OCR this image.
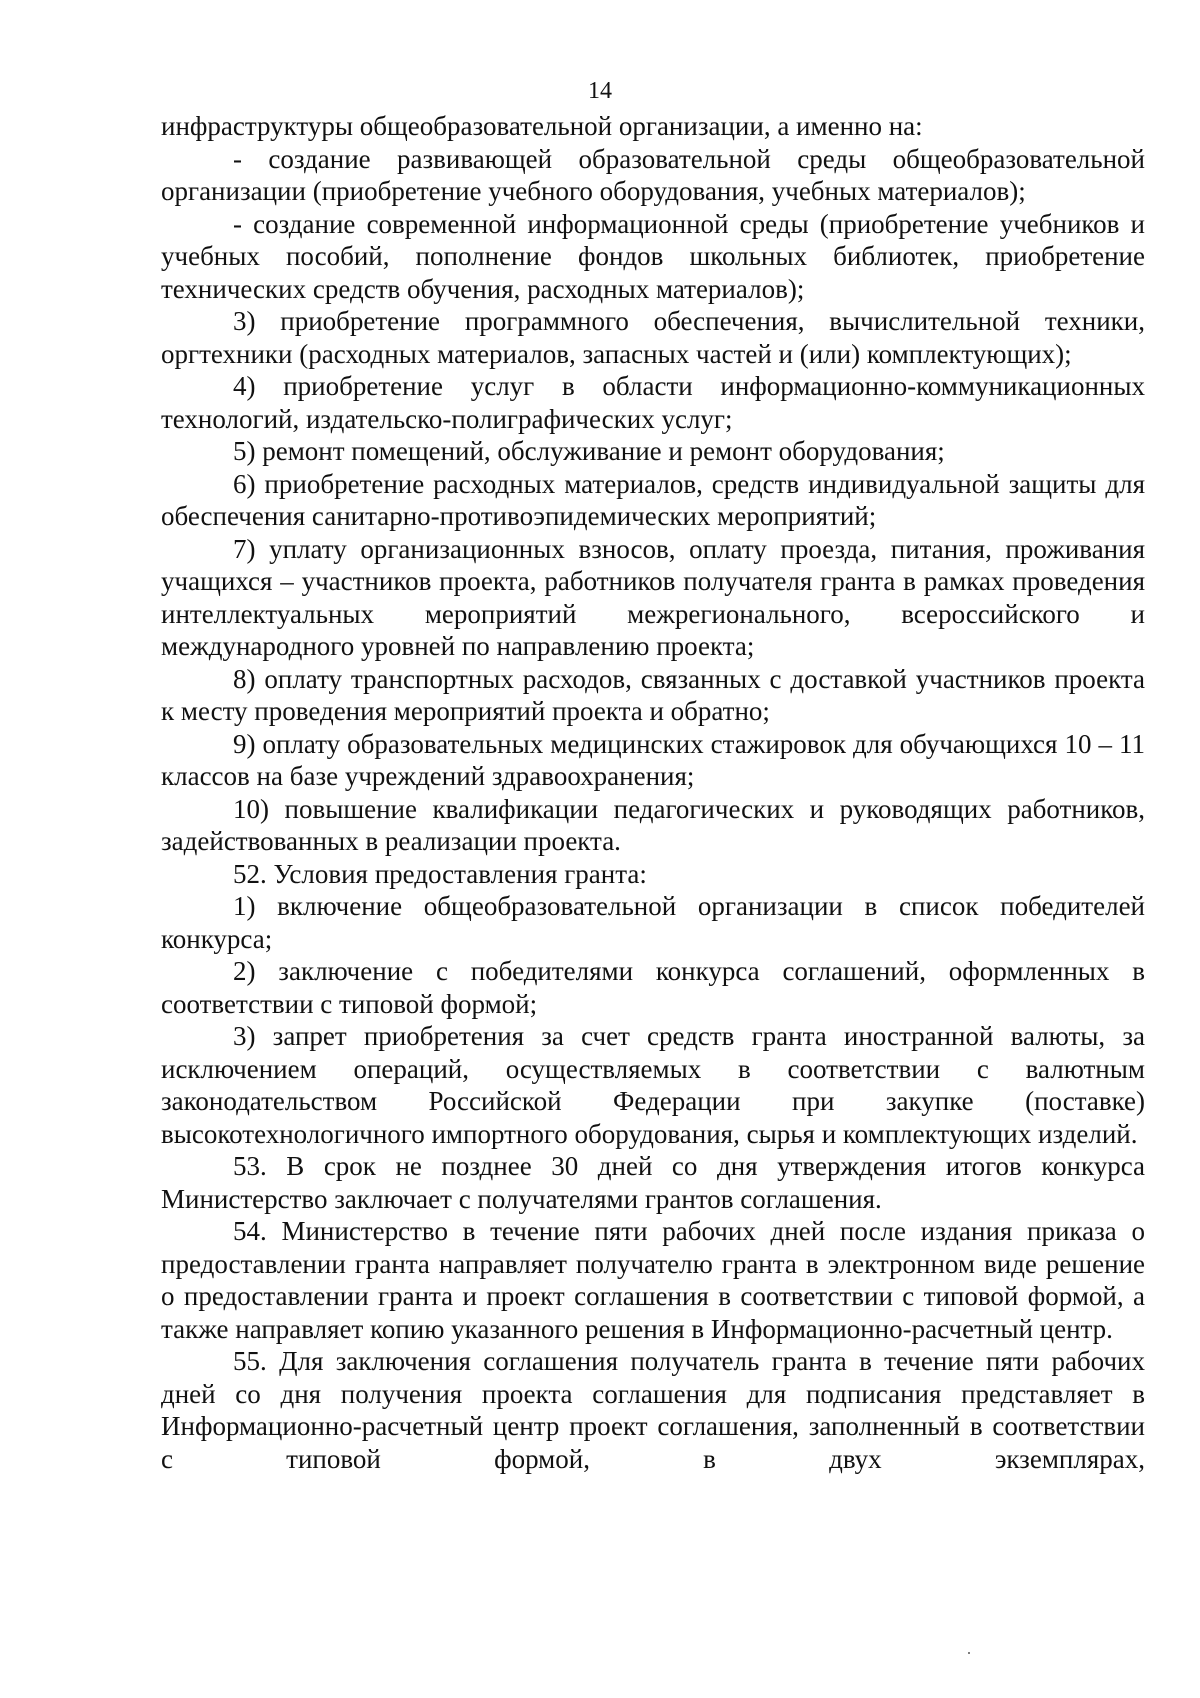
14

инфраструктуры общеобразовательной организации, а именно на:

- создание развивающей образовательной среды общеобразовательной организации (приобретение учебного оборудования, учебных материалов);

- создание современной информационной среды (приобретение учебников и учебных пособий, пополнение фондов школьных библиотек, приобретение технических средств обучения, расходных материалов);

3) приобретение программного обеспечения, вычислительной техники, оргтехники (расходных материалов, запасных частей и (или) комплектующих);

4) приобретение услуг в области информационно-коммуникационных технологий, издательско-полиграфических услуг;

5) ремонт помещений, обслуживание и ремонт оборудования;

6) приобретение расходных материалов, средств индивидуальной защиты для обеспечения санитарно-противоэпидемических мероприятий;

7) уплату организационных взносов, оплату проезда, питания, проживания учащихся – участников проекта, работников получателя гранта в рамках проведения интеллектуальных мероприятий межрегионального, всероссийского и международного уровней по направлению проекта;

8) оплату транспортных расходов, связанных с доставкой участников проекта к месту проведения мероприятий проекта и обратно;

9) оплату образовательных медицинских стажировок для обучающихся 10 – 11 классов на базе учреждений здравоохранения;

10) повышение квалификации педагогических и руководящих работников, задействованных в реализации проекта.

52. Условия предоставления гранта:

1) включение общеобразовательной организации в список победителей конкурса;

2) заключение с победителями конкурса соглашений, оформленных в соответствии с типовой формой;

3) запрет приобретения за счет средств гранта иностранной валюты, за исключением операций, осуществляемых в соответствии с валютным законодательством Российской Федерации при закупке (поставке) высокотехнологичного импортного оборудования, сырья и комплектующих изделий.

53. В срок не позднее 30 дней со дня утверждения итогов конкурса Министерство заключает с получателями грантов соглашения.

54. Министерство в течение пяти рабочих дней после издания приказа о предоставлении гранта направляет получателю гранта в электронном виде решение о предоставлении гранта и проект соглашения в соответствии с типовой формой, а также направляет копию указанного решения в Информационно-расчетный центр.

55. Для заключения соглашения получатель гранта в течение пяти рабочих дней со дня получения проекта соглашения для подписания представляет в Информационно-расчетный центр проект соглашения, заполненный в соответствии с типовой формой, в двух экземплярах,
